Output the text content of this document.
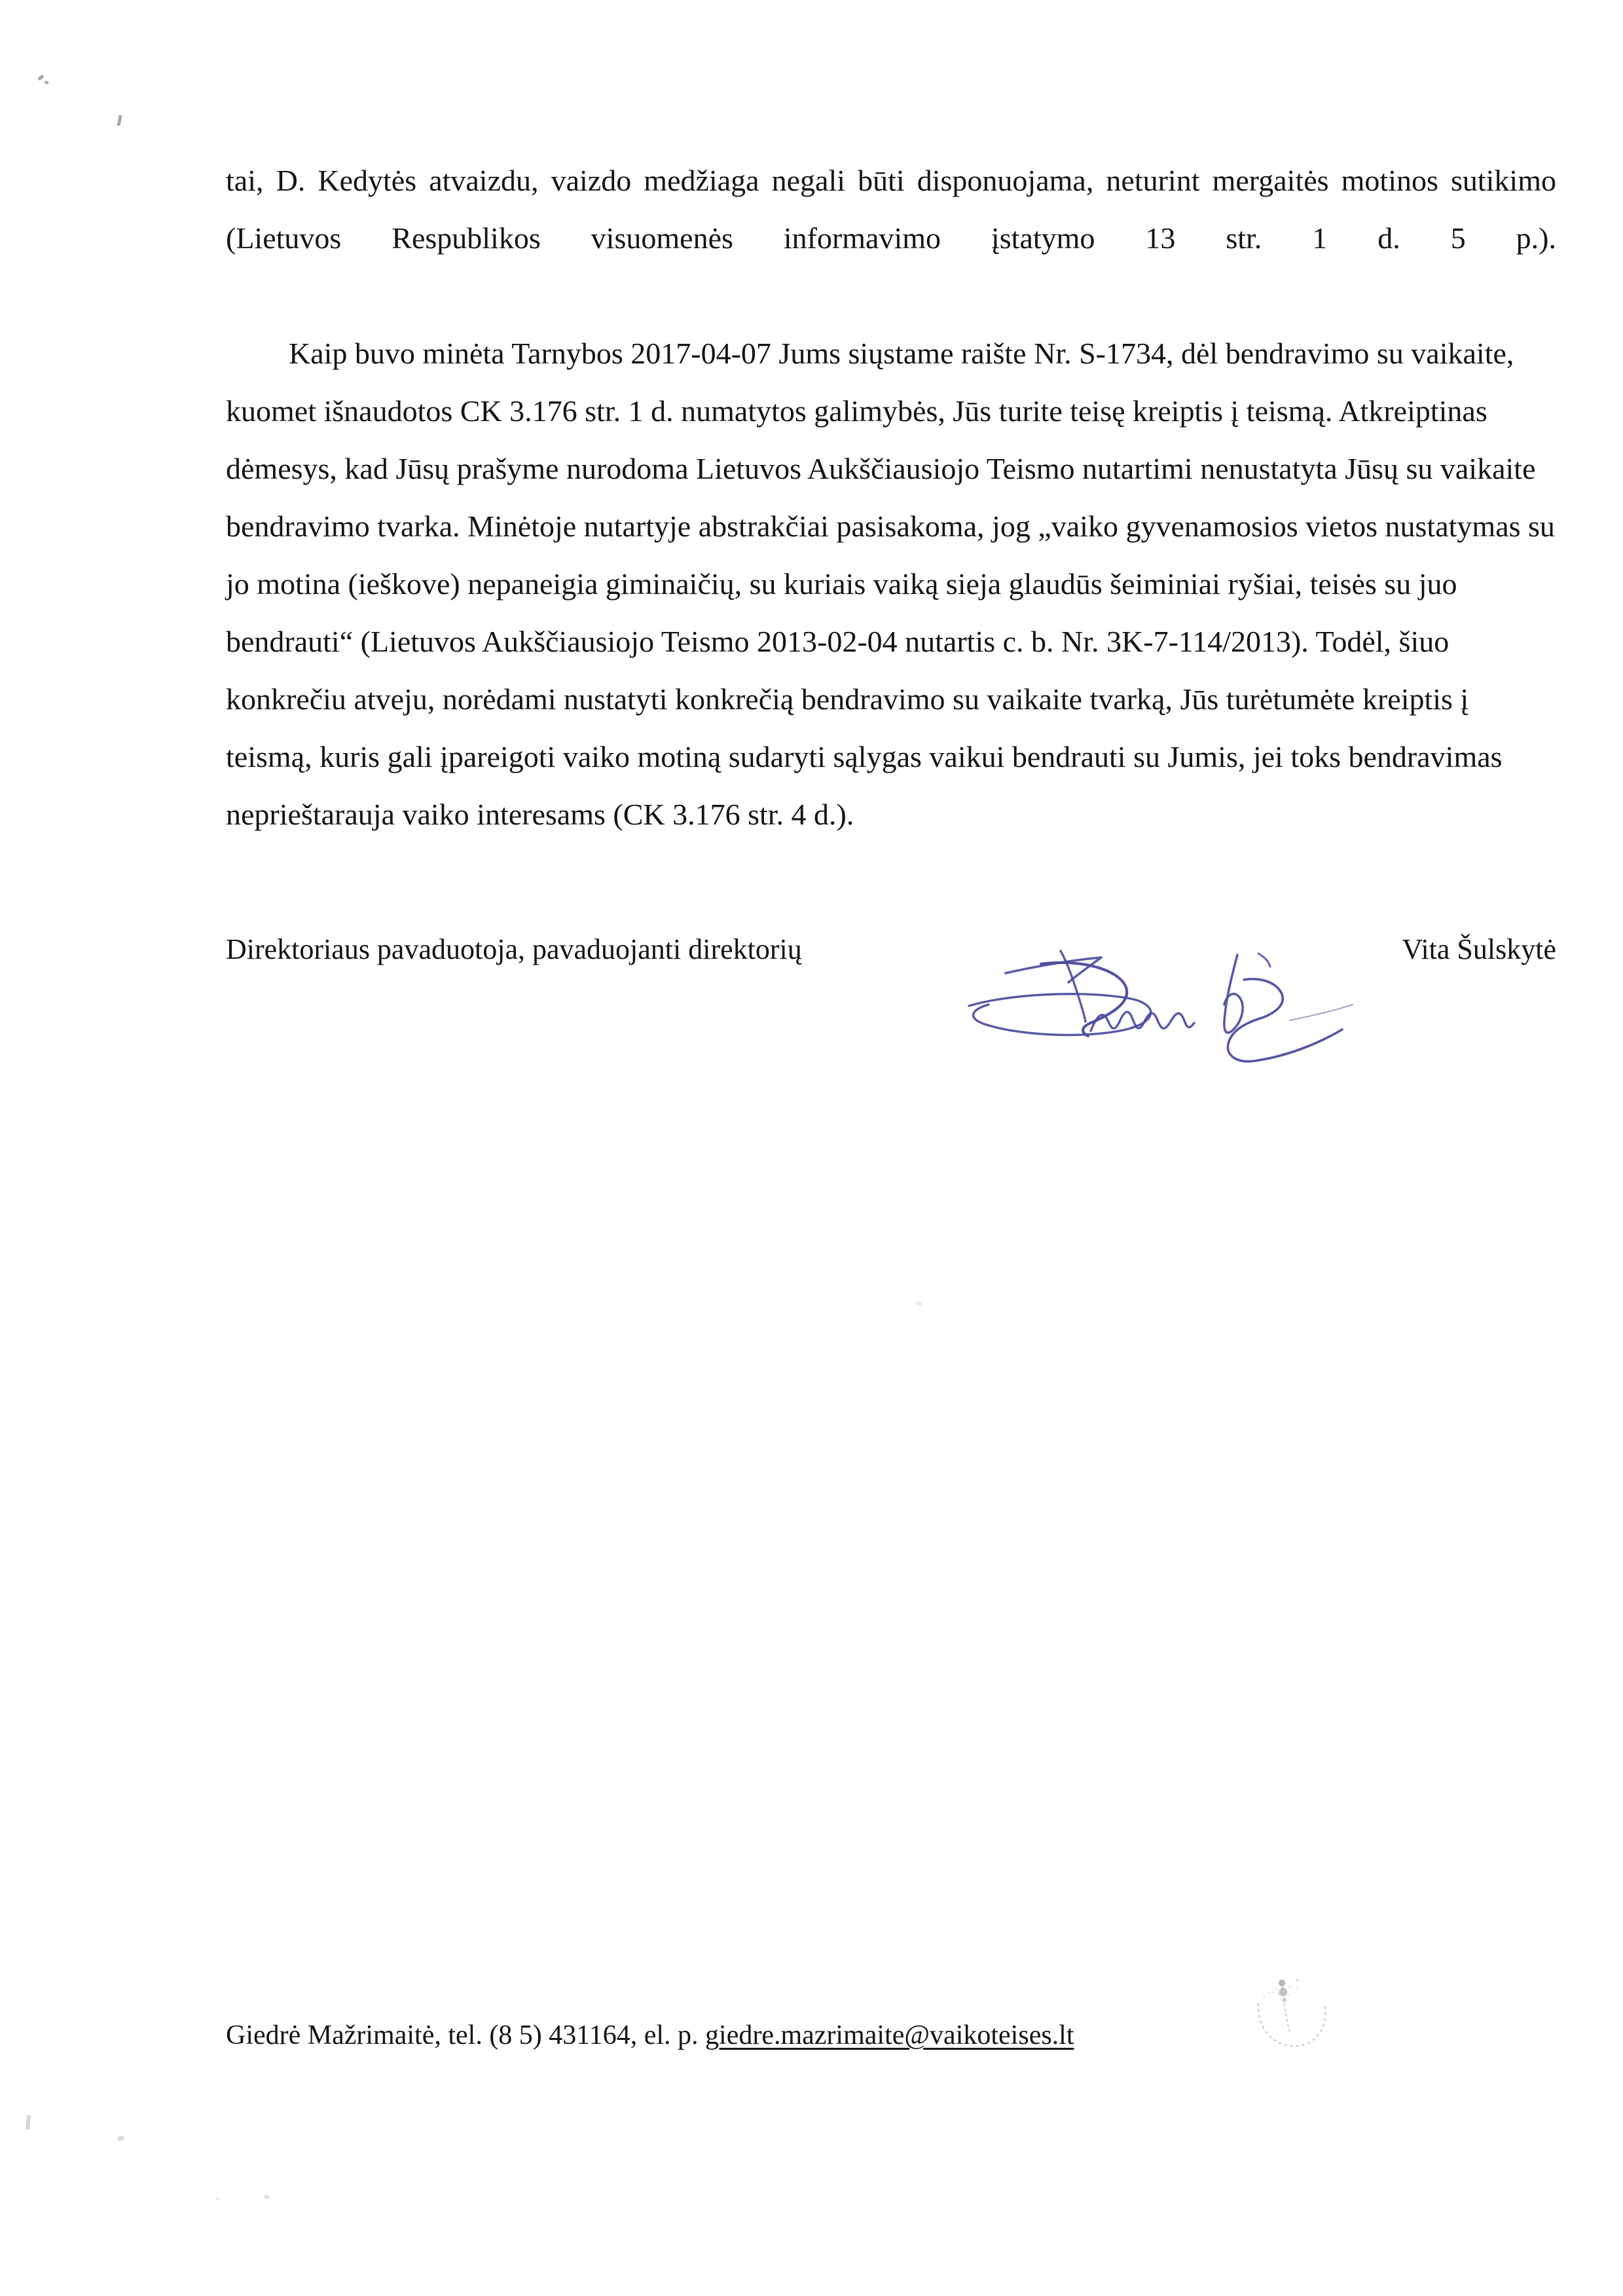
tai, D. Kedytės atvaizdu, vaizdo medžiaga negali būti disponuojama, neturint mergaitės motinos sutikimo (Lietuvos Respublikos visuomenės informavimo įstatymo 13 str. 1 d. 5 p.).

Kaip buvo minėta Tarnybos 2017-04-07 Jums siųstame raište Nr. S-1734, dėl bendravimo su vaikaite, kuomet išnaudotos CK 3.176 str. 1 d. numatytos galimybės, Jūs turite teisę kreiptis į teismą. Atkreiptinas dėmesys, kad Jūsų prašyme nurodoma Lietuvos Aukščiausiojo Teismo nutartimi nenustatyta Jūsų su vaikaite bendravimo tvarka. Minėtoje nutartyje abstrakčiai pasisakoma, jog „vaiko gyvenamosios vietos nustatymas su jo motina (ieškove) nepaneigia giminaičių, su kuriais vaiką sieja glaudūs šeiminiai ryšiai, teisės su juo bendrauti“ (Lietuvos Aukščiausiojo Teismo 2013-02-04 nutartis c. b. Nr. 3K-7-114/2013). Todėl, šiuo konkrečiu atveju, norėdami nustatyti konkrečią bendravimo su vaikaite tvarką, Jūs turėtumėte kreiptis į teismą, kuris gali įpareigoti vaiko motiną sudaryti sąlygas vaikui bendrauti su Jumis, jei toks bendravimas neprieštarauja vaiko interesams (CK 3.176 str. 4 d.).

Direktoriaus pavaduotoja, pavaduojanti direktorių	Vita Šulskytė
Giedrė Mažrimaitė, tel. (8 5) 431164, el. p. giedre.mazrimaite@vaikoteises.lt
